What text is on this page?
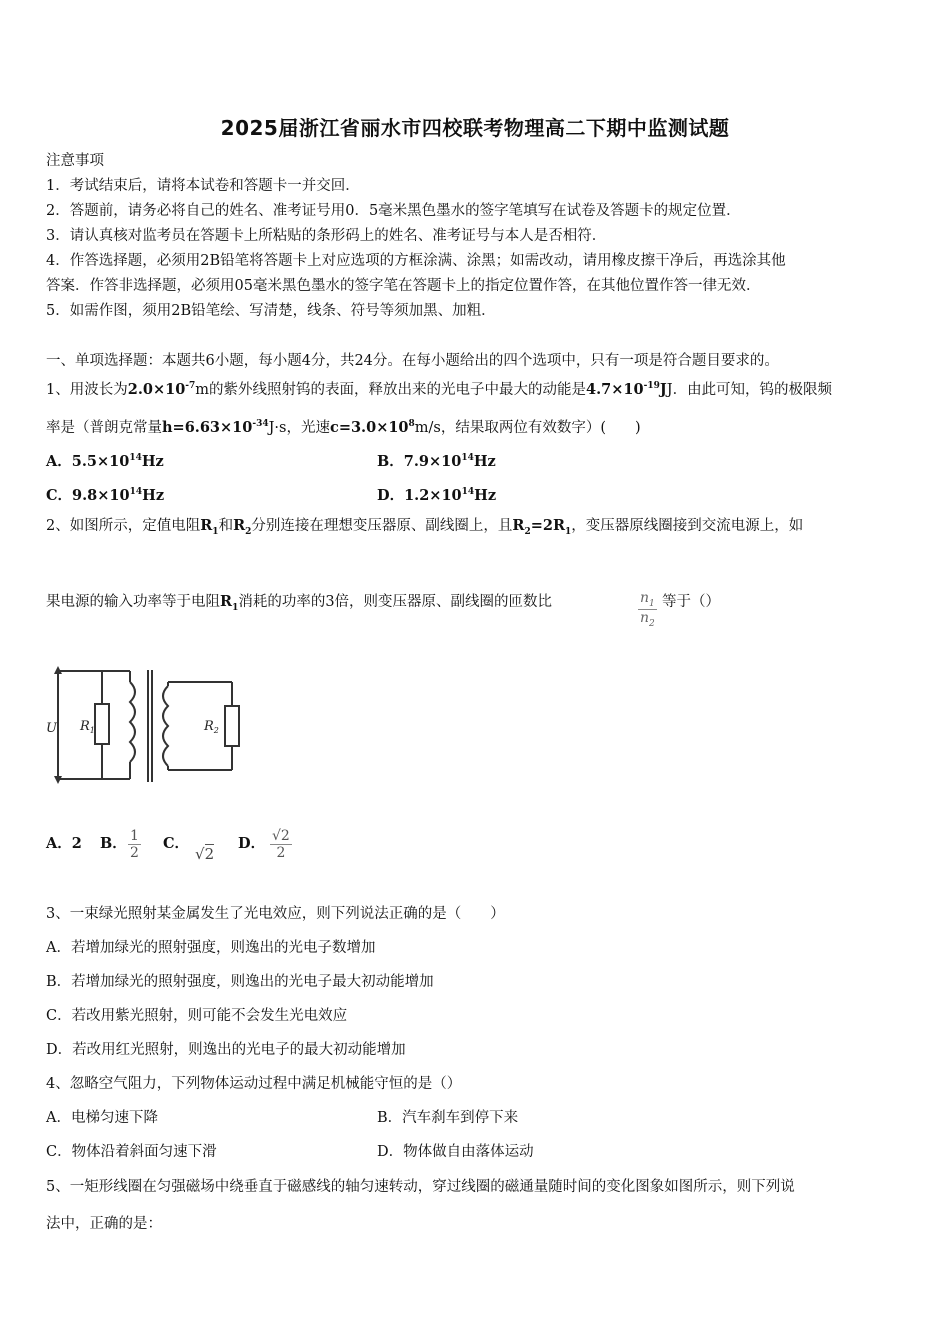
2025届浙江省丽水市四校联考物理高二下期中监测试题
注意事项
1．考试结束后，请将本试卷和答题卡一并交回．
2．答题前，请务必将自己的姓名、准考证号用0．5毫米黑色墨水的签字笔填写在试卷及答题卡的规定位置．
3．请认真核对监考员在答题卡上所粘贴的条形码上的姓名、准考证号与本人是否相符．
4．作答选择题，必须用2B铅笔将答题卡上对应选项的方框涂满、涂黑；如需改动，请用橡皮擦干净后，再选涂其他
答案．作答非选择题，必须用05毫米黑色墨水的签字笔在答题卡上的指定位置作答，在其他位置作答一律无效．
5．如需作图，须用2B铅笔绘、写清楚，线条、符号等须加黑、加粗．
一、单项选择题：本题共6小题，每小题4分，共24分。在每小题给出的四个选项中，只有一项是符合题目要求的。
1、用波长为$2.0\times 10^{-7}m$的紫外线照射钨的表面，释放出来的光电子中最大的动能是$4.7\times 10^{-19}JJ$．由此可知，钨的极限频
率是（普朗克常量$h=6.63\times 10^{-34}J\cdot s$，光速$c=3.0\times 10^8m/s$，结果取两位有效数字）(　　)
A．$5.5\times 10^{14}Hz$	B．$7.9\times 10^{14}Hz$
C．$9.8\times 10^{14}Hz$	D．$1.2\times 10^{14}Hz$
2、如图所示，定值电阻$R_1$和$R_2$分别连接在理想变压器原、副线圈上，且$R_2=2R_1$，变压器原线圈接到交流电源上，如
果电源的输入功率等于电阻$R_1$消耗的功率的3倍，则变压器原、副线圈的匝数比	$\frac{n_1}{n_2}$ 等于（）
U $R_1$	$R_2$
A．2 B． $\frac{1}{2}$ C．
√2
D． $\frac{√2}{2}$
3、一束绿光照射某金属发生了光电效应，则下列说法正确的是（　　）
A．若增加绿光的照射强度，则逸出的光电子数增加
B．若增加绿光的照射强度，则逸出的光电子最大初动能增加
C．若改用紫光照射，则可能不会发生光电效应
D．若改用红光照射，则逸出的光电子的最大初动能增加
4、忽略空气阻力，下列物体运动过程中满足机械能守恒的是（）
A．电梯匀速下降	B．汽车刹车到停下来
C．物体沿着斜面匀速下滑	D．物体做自由落体运动
5、一矩形线圈在匀强磁场中绕垂直于磁感线的轴匀速转动，穿过线圈的磁通量随时间的变化图象如图所示，则下列说
法中，正确的是：
